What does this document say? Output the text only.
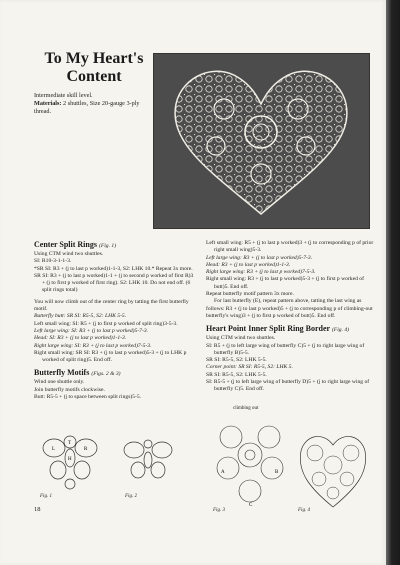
To My Heart's
Content
Intermediate skill level.
Materials: 2 shuttles, Size 20-gauge 3-ply thread.
Center Split Rings (Fig. 1)

Using CTM wind two shuttles.

SI: R10-3-1-1-3.

*SR SI: R3 + (j to last p worked)1-1-3, S2: LHK 10.* Repeat 3x more.

SR SI: R3 + (j to last p worked)1-1 + (j to second p worked of first R)3 + (j to first p worked of first ring). S2: LHK 10. Do not end off. (6 split rings total)

You will now climb out of the center ring by tatting the first butterfly motif.

Butterfly butt: SR SI: R5-5, S2: LHK 5-5.

Left small wing: SI: R5 + (j to first p worked of split ring)3-5-3.

Left large wing: SI: R3 + (j to last p worked)5-7-3.

Head: SI: R3 + (j to last p worked)1-1-3.

Right large wing: SI: R3 + (j to last p worked)7-5-3.

Right small wing: SR SI: R3 + (j to last p worked)5-3 + (j to LHK p worked of split ring)5. End off.

Butterfly Motifs (Figs. 2 & 3)

Wind one shuttle only.

Join butterfly motifs clockwise.

Butt: R5-5 + (j to space between split rings)5-5.

Left small wing: R5 + (j to last p worked)3 + (j to corresponding p of prior right small wing)5-3.

Left large wing: R3 + (j to last p worked)5-7-3.

Head: R3 + (j to last p worked)1-1-3.

Right large wing: R3 + (j to last p worked)7-5-3.

Right small wing: R3 + (j to last p worked)5-3 + (j to first p worked of butt)5. End off.

Repeat butterfly motif pattern 3x more.

For last butterfly (E), repeat pattern above, tatting the last wing as follows: R3 + (j to last p worked)5 + (j to corresponding p of climbing-out butterfly's wing)3 + (j to first p worked of butt)5. End off.

Heart Point Inner Split Ring Border (Fig. 4)

Using CTM wind two shuttles.

SI: R5 + (j to left large wing of butterfly C)5 + (j to right large wing of butterfly B)5-5.

SR SI: R5-5, S2: LHK 5-5.

Corner point: SR SI: R5-5, S2: LHK 5.

SR SI: R5-5, S2: LHK 5-5.

SI: R5-5 + (j to left large wing of butterfly D)5 + (j to right large wing of butterfly C)5. End off.

T
L
H
R
Fig. 1	Fig. 2
climbing out
A	B
C
Fig. 3	Fig. 4
18
